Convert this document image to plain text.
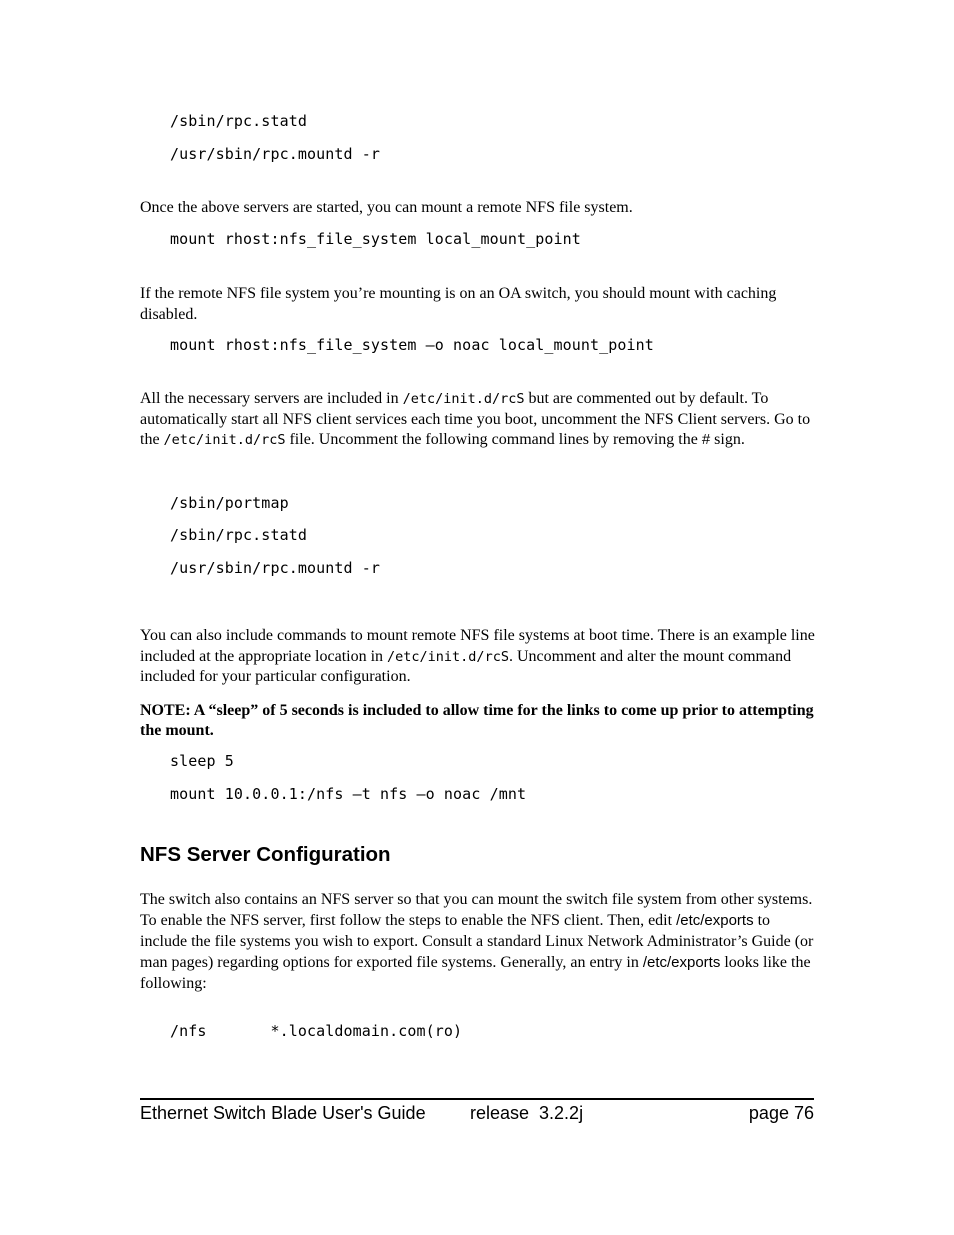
/sbin/rpc.statd
/usr/sbin/rpc.mountd -r

Once the above servers are started, you can mount a remote NFS file system.

mount rhost:nfs_file_system local_mount_point

If the remote NFS file system you’re mounting is on an OA switch, you should mount with caching disabled.

mount rhost:nfs_file_system –o noac local_mount_point

All the necessary servers are included in /etc/init.d/rcS but are commented out by default. To automatically start all NFS client services each time you boot, uncomment the NFS Client servers. Go to the /etc/init.d/rcS file. Uncomment the following command lines by removing the # sign.

/sbin/portmap
/sbin/rpc.statd
/usr/sbin/rpc.mountd -r

You can also include commands to mount remote NFS file systems at boot time. There is an example line included at the appropriate location in /etc/init.d/rcS. Uncomment and alter the mount command included for your particular configuration.

NOTE: A “sleep” of 5 seconds is included to allow time for the links to come up prior to attempting the mount.

sleep 5
mount 10.0.0.1:/nfs –t nfs –o noac /mnt
NFS Server Configuration

The switch also contains an NFS server so that you can mount the switch file system from other systems. To enable the NFS server, first follow the steps to enable the NFS client. Then, edit /etc/exports to include the file systems you wish to export. Consult a standard Linux Network Administrator’s Guide (or man pages) regarding options for exported file systems. Generally, an entry in /etc/exports looks like the following:

/nfs       *.localdomain.com(ro)
Ethernet Switch Blade User's Guide release  3.2.2j	page 76
